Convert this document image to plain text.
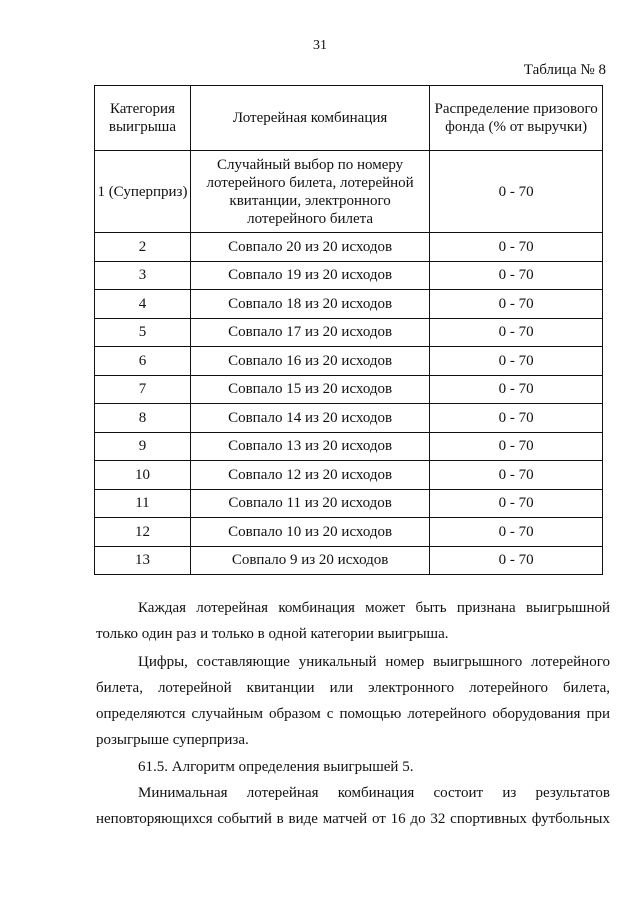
31
Таблица № 8
Категория выигрыша	Лотерейная комбинация	Распределение призового фонда (% от выручки)
1 (Суперприз)	Случайный выбор по номеру лотерейного билета, лотерейной квитанции, электронного лотерейного билета	0 - 70
2	Совпало 20 из 20 исходов	0 - 70
3	Совпало 19 из 20 исходов	0 - 70
4	Совпало 18 из 20 исходов	0 - 70
5	Совпало 17 из 20 исходов	0 - 70
6	Совпало 16 из 20 исходов	0 - 70
7	Совпало 15 из 20 исходов	0 - 70
8	Совпало 14 из 20 исходов	0 - 70
9	Совпало 13 из 20 исходов	0 - 70
10	Совпало 12 из 20 исходов	0 - 70
11	Совпало 11 из 20 исходов	0 - 70
12	Совпало 10 из 20 исходов	0 - 70
13	Совпало 9 из 20 исходов	0 - 70

Каждая лотерейная комбинация может быть признана выигрышной только один раз и только в одной категории выигрыша.

Цифры, составляющие уникальный номер выигрышного лотерейного билета, лотерейной квитанции или электронного лотерейного билета, определяются случайным образом с помощью лотерейного оборудования при розыгрыше суперприза.

61.5. Алгоритм определения выигрышей 5.

Минимальная лотерейная комбинация состоит из результатов неповторяющихся событий в виде матчей от 16 до 32 спортивных футбольных
